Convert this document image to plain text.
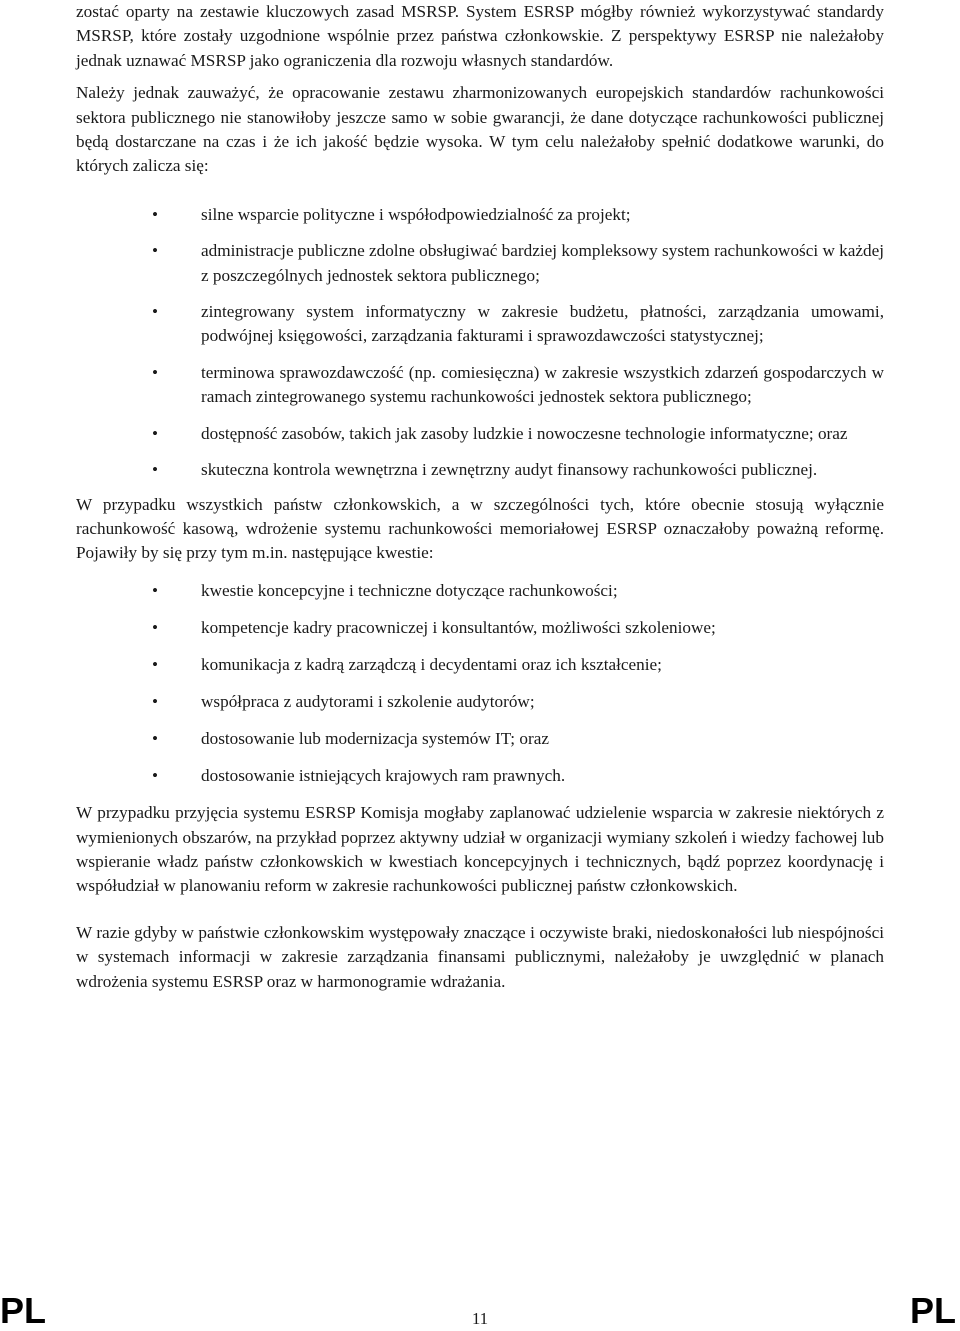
zostać oparty na zestawie kluczowych zasad MSRSP. System ESRSP mógłby również wykorzystywać standardy MSRSP, które zostały uzgodnione wspólnie przez państwa członkowskie. Z perspektywy ESRSP nie należałoby jednak uznawać MSRSP jako ograniczenia dla rozwoju własnych standardów.

Należy jednak zauważyć, że opracowanie zestawu zharmonizowanych europejskich standardów rachunkowości sektora publicznego nie stanowiłoby jeszcze samo w sobie gwarancji, że dane dotyczące rachunkowości publicznej będą dostarczane na czas i że ich jakość będzie wysoka. W tym celu należałoby spełnić dodatkowe warunki, do których zalicza się:

• silne wsparcie polityczne i współodpowiedzialność za projekt;
• administracje publiczne zdolne obsługiwać bardziej kompleksowy system rachunkowości w każdej z poszczególnych jednostek sektora publicznego;
• zintegrowany system informatyczny w zakresie budżetu, płatności, zarządzania umowami, podwójnej księgowości, zarządzania fakturami i sprawozdawczości statystycznej;
• terminowa sprawozdawczość (np. comiesięczna) w zakresie wszystkich zdarzeń gospodarczych w ramach zintegrowanego systemu rachunkowości jednostek sektora publicznego;
• dostępność zasobów, takich jak zasoby ludzkie i nowoczesne technologie informatyczne; oraz
• skuteczna kontrola wewnętrzna i zewnętrzny audyt finansowy rachunkowości publicznej.

W przypadku wszystkich państw członkowskich, a w szczególności tych, które obecnie stosują wyłącznie rachunkowość kasową, wdrożenie systemu rachunkowości memoriałowej ESRSP oznaczałoby poważną reformę. Pojawiły by się przy tym m.in. następujące kwestie:

• kwestie koncepcyjne i techniczne dotyczące rachunkowości;
• kompetencje kadry pracowniczej i konsultantów, możliwości szkoleniowe;
• komunikacja z kadrą zarządczą i decydentami oraz ich kształcenie;
• współpraca z audytorami i szkolenie audytorów;
• dostosowanie lub modernizacja systemów IT; oraz
• dostosowanie istniejących krajowych ram prawnych.

W przypadku przyjęcia systemu ESRSP Komisja mogłaby zaplanować udzielenie wsparcia w zakresie niektórych z wymienionych obszarów, na przykład poprzez aktywny udział w organizacji wymiany szkoleń i wiedzy fachowej lub wspieranie władz państw członkowskich w kwestiach koncepcyjnych i technicznych, bądź poprzez koordynację i współudział w planowaniu reform w zakresie rachunkowości publicznej państw członkowskich.

W razie gdyby w państwie członkowskim występowały znaczące i oczywiste braki, niedoskonałości lub niespójności w systemach informacji w zakresie zarządzania finansami publicznymi, należałoby je uwzględnić w planach wdrożenia systemu ESRSP oraz w harmonogramie wdrażania.

PL	11	PL
